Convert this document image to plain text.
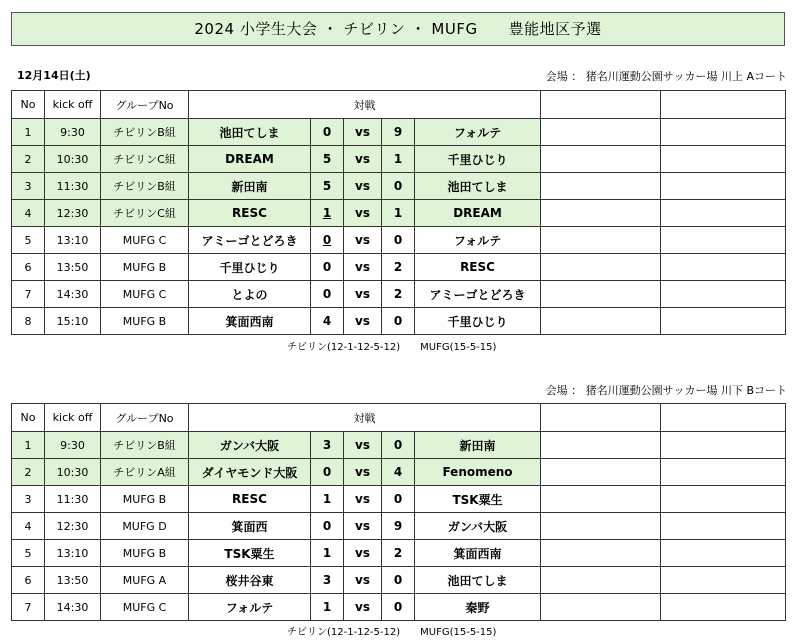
2024 小学生大会 ・ チビリン ・ MUFG　　豊能地区予選
12月14日(土)	会場 ： 猪名川運動公園サッカー場 川上 Aコート
No	kick off	グループNo	対戦						
1	9:30	チビリンB組	池田てしま	0	vs	9	フォルテ		
2	10:30	チビリンC組	DREAM	5	vs	1	千里ひじり		
3	11:30	チビリンB組	新田南	5	vs	0	池田てしま		
4	12:30	チビリンC組	RESC	1	vs	1	DREAM		
5	13:10	MUFG C	アミーゴとどろき	0	vs	0	フォルテ		
6	13:50	MUFG B	千里ひじり	0	vs	2	RESC		
7	14:30	MUFG C	とよの	0	vs	2	アミーゴとどろき		
8	15:10	MUFG B	箕面西南	4	vs	0	千里ひじり		
チビリン(12-1-12-5-12)　　MUFG(15-5-15)
会場 ： 猪名川運動公園サッカー場 川下 Bコート
No	kick off	グループNo	対戦						
1	9:30	チビリンB組	ガンバ大阪	3	vs	0	新田南		
2	10:30	チビリンA組	ダイヤモンド大阪	0	vs	4	Fenomeno		
3	11:30	MUFG B	RESC	1	vs	0	TSK粟生		
4	12:30	MUFG D	箕面西	0	vs	9	ガンバ大阪		
5	13:10	MUFG B	TSK粟生	1	vs	2	箕面西南		
6	13:50	MUFG A	桜井谷東	3	vs	0	池田てしま		
7	14:30	MUFG C	フォルテ	1	vs	0	秦野		
チビリン(12-1-12-5-12)　　MUFG(15-5-15)
